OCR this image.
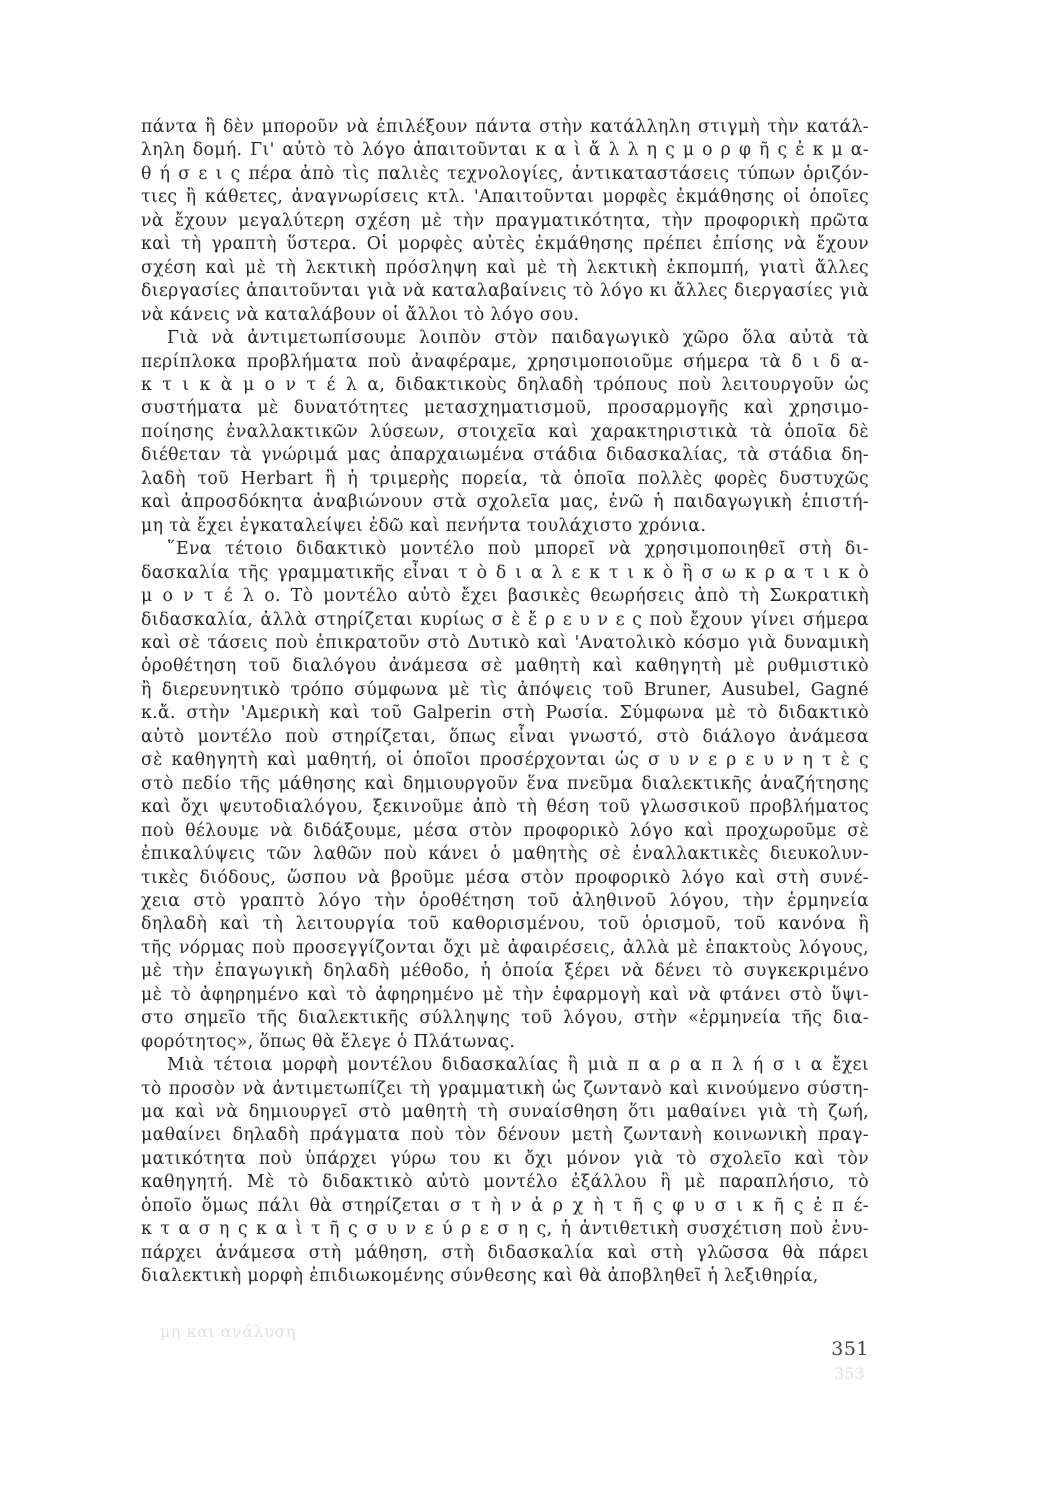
πάντα ἢ δὲν μποροῦν νὰ ἐπιλέξουν πάντα στὴν κατάλληλη στιγμὴ τὴν κατάλ-
ληλη δομή. Γι' αὐτὸ τὸ λόγο ἀπαιτοῦνται κ α ὶ ἄ λ λ η ς μ ο ρ φ ῆ ς ἐ κ μ α-
θ ή σ ε ι ς πέρα ἀπὸ τὶς παλιὲς τεχνολογίες, ἀντικαταστάσεις τύπων ὁριζόν-
τιες ἢ κάθετες, ἀναγνωρίσεις κτλ. 'Απαιτοῦνται μορφὲς ἐκμάθησης οἱ ὁποῖες
νὰ ἔχουν μεγαλύτερη σχέση μὲ τὴν πραγματικότητα, τὴν προφορικὴ πρῶτα
καὶ τὴ γραπτὴ ὕστερα. Οἱ μορφὲς αὐτὲς ἐκμάθησης πρέπει ἐπίσης νὰ ἔχουν
σχέση καὶ μὲ τὴ λεκτικὴ πρόσληψη καὶ μὲ τὴ λεκτικὴ ἐκπομπή, γιατὶ ἄλλες
διεργασίες ἀπαιτοῦνται γιὰ νὰ καταλαβαίνεις τὸ λόγο κι ἄλλες διεργασίες γιὰ
νὰ κάνεις νὰ καταλάβουν οἱ ἄλλοι τὸ λόγο σου.
Γιὰ νὰ ἀντιμετωπίσουμε λοιπὸν στὸν παιδαγωγικὸ χῶρο ὅλα αὐτὰ τὰ
περίπλοκα προβλήματα ποὺ ἀναφέραμε, χρησιμοποιοῦμε σήμερα τὰ δ ι δ α-
κ τ ι κ ὰ μ ο ν τ έ λ α, διδακτικοὺς δηλαδὴ τρόπους ποὺ λειτουργοῦν ὡς
συστήματα μὲ δυνατότητες μετασχηματισμοῦ, προσαρμογῆς καὶ χρησιμο-
ποίησης ἐναλλακτικῶν λύσεων, στοιχεῖα καὶ χαρακτηριστικὰ τὰ ὁποῖα δὲ
διέθεταν τὰ γνώριμά μας ἀπαρχαιωμένα στάδια διδασκαλίας, τὰ στάδια δη-
λαδὴ τοῦ Herbart ἢ ἡ τριμερὴς πορεία, τὰ ὁποῖα πολλὲς φορὲς δυστυχῶς
καὶ ἀπροσδόκητα ἀναβιώνουν στὰ σχολεῖα μας, ἐνῶ ἡ παιδαγωγικὴ ἐπιστή-
μη τὰ ἔχει ἐγκαταλείψει ἐδῶ καὶ πενήντα τουλάχιστο χρόνια.
῞Ενα τέτοιο διδακτικὸ μοντέλο ποὺ μπορεῖ νὰ χρησιμοποιηθεῖ στὴ δι-
δασκαλία τῆς γραμματικῆς εἶναι τ ὸ δ ι α λ ε κ τ ι κ ὸ ἢ σ ω κ ρ α τ ι κ ὸ
μ ο ν τ έ λ ο. Τὸ μοντέλο αὐτὸ ἔχει βασικὲς θεωρήσεις ἀπὸ τὴ Σωκρατικὴ
διδασκαλία, ἀλλὰ στηρίζεται κυρίως σ ὲ ἔ ρ ε υ ν ε ς ποὺ ἔχουν γίνει σήμερα
καὶ σὲ τάσεις ποὺ ἐπικρατοῦν στὸ Δυτικὸ καὶ 'Ανατολικὸ κόσμο γιὰ δυναμικὴ
ὁροθέτηση τοῦ διαλόγου ἀνάμεσα σὲ μαθητὴ καὶ καθηγητὴ μὲ ρυθμιστικὸ
ἢ διερευνητικὸ τρόπο σύμφωνα μὲ τὶς ἀπόψεις τοῦ Bruner, Ausubel, Gagné
κ.ἄ. στὴν 'Αμερικὴ καὶ τοῦ Galperin στὴ Ρωσία. Σύμφωνα μὲ τὸ διδακτικὸ
αὐτὸ μοντέλο ποὺ στηρίζεται, ὅπως εἶναι γνωστό, στὸ διάλογο ἀνάμεσα
σὲ καθηγητὴ καὶ μαθητή, οἱ ὁποῖοι προσέρχονται ὡς σ υ ν ε ρ ε υ ν η τ ὲ ς
στὸ πεδίο τῆς μάθησης καὶ δημιουργοῦν ἕνα πνεῦμα διαλεκτικῆς ἀναζήτησης
καὶ ὄχι ψευτοδιαλόγου, ξεκινοῦμε ἀπὸ τὴ θέση τοῦ γλωσσικοῦ προβλήματος
ποὺ θέλουμε νὰ διδάξουμε, μέσα στὸν προφορικὸ λόγο καὶ προχωροῦμε σὲ
ἐπικαλύψεις τῶν λαθῶν ποὺ κάνει ὁ μαθητὴς σὲ ἐναλλακτικὲς διευκολυν-
τικὲς διόδους, ὥσπου νὰ βροῦμε μέσα στὸν προφορικὸ λόγο καὶ στὴ συνέ-
χεια στὸ γραπτὸ λόγο τὴν ὁροθέτηση τοῦ ἀληθινοῦ λόγου, τὴν ἑρμηνεία
δηλαδὴ καὶ τὴ λειτουργία τοῦ καθορισμένου, τοῦ ὁρισμοῦ, τοῦ κανόνα ἢ
τῆς νόρμας ποὺ προσεγγίζονται ὄχι μὲ ἀφαιρέσεις, ἀλλὰ μὲ ἐπακτοὺς λόγους,
μὲ τὴν ἐπαγωγικὴ δηλαδὴ μέθοδο, ἡ ὁποία ξέρει νὰ δένει τὸ συγκεκριμένο
μὲ τὸ ἀφηρημένο καὶ τὸ ἀφηρημένο μὲ τὴν ἐφαρμογὴ καὶ νὰ φτάνει στὸ ὕψι-
στο σημεῖο τῆς διαλεκτικῆς σύλληψης τοῦ λόγου, στὴν «ἑρμηνεία τῆς δια-
φορότητος», ὅπως θὰ ἔλεγε ὁ Πλάτωνας.
Μιὰ τέτοια μορφὴ μοντέλου διδασκαλίας ἢ μιὰ π α ρ α π λ ή σ ι α ἔχει
τὸ προσὸν νὰ ἀντιμετωπίζει τὴ γραμματικὴ ὡς ζωντανὸ καὶ κινούμενο σύστη-
μα καὶ νὰ δημιουργεῖ στὸ μαθητὴ τὴ συναίσθηση ὅτι μαθαίνει γιὰ τὴ ζωή,
μαθαίνει δηλαδὴ πράγματα ποὺ τὸν δένουν μετὴ ζωντανὴ κοινωνικὴ πραγ-
ματικότητα ποὺ ὑπάρχει γύρω του κι ὄχι μόνον γιὰ τὸ σχολεῖο καὶ τὸν
καθηγητή. Μὲ τὸ διδακτικὸ αὐτὸ μοντέλο ἐξάλλου ἢ μὲ παραπλήσιο, τὸ
ὁποῖο ὅμως πάλι θὰ στηρίζεται σ τ ὴ ν ἀ ρ χ ὴ τ ῆ ς φ υ σ ι κ ῆ ς ἐ π έ-
κ τ α σ η ς κ α ὶ τ ῆ ς σ υ ν ε ύ ρ ε σ η ς, ἡ ἀντιθετικὴ συσχέτιση ποὺ ἐνυ-
πάρχει ἀνάμεσα στὴ μάθηση, στὴ διδασκαλία καὶ στὴ γλῶσσα θὰ πάρει
διαλεκτικὴ μορφὴ ἐπιδιωκομένης σύνθεσης καὶ θὰ ἀποβληθεῖ ἡ λεξιθηρία,
μη και ανάλυση
353
351
